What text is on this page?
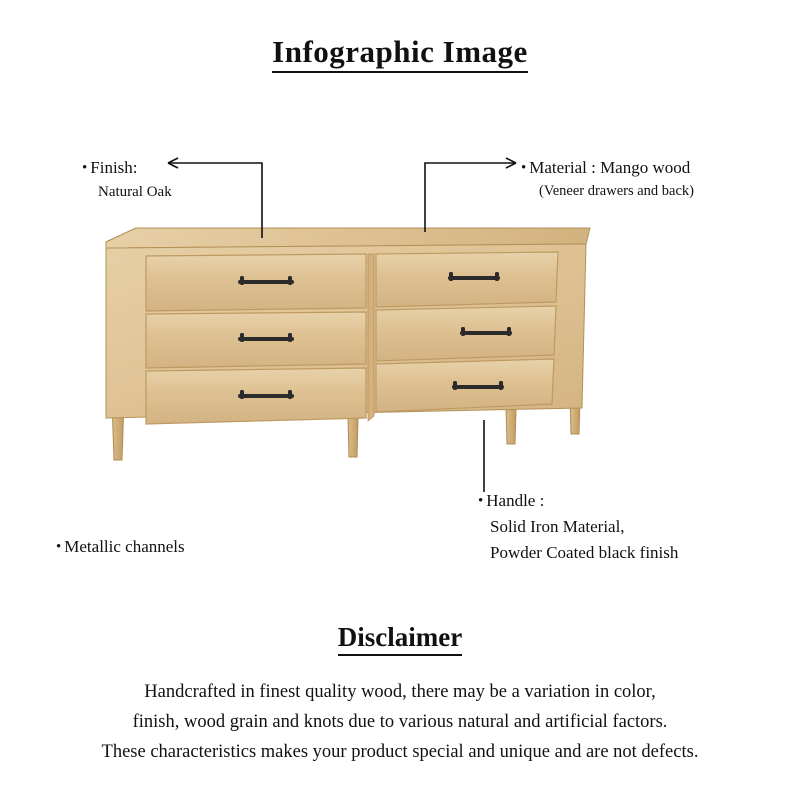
Infographic Image
• Finish:
Natural Oak
• Material : Mango wood
(Veneer drawers and back)
• Handle :
Solid Iron Material,
Powder Coated black finish
• Metallic channels
Disclaimer
Handcrafted in finest quality wood, there may be a variation in color,
finish, wood grain and knots due to various natural and artificial factors.
These characteristics makes your product special and unique and are not defects.
